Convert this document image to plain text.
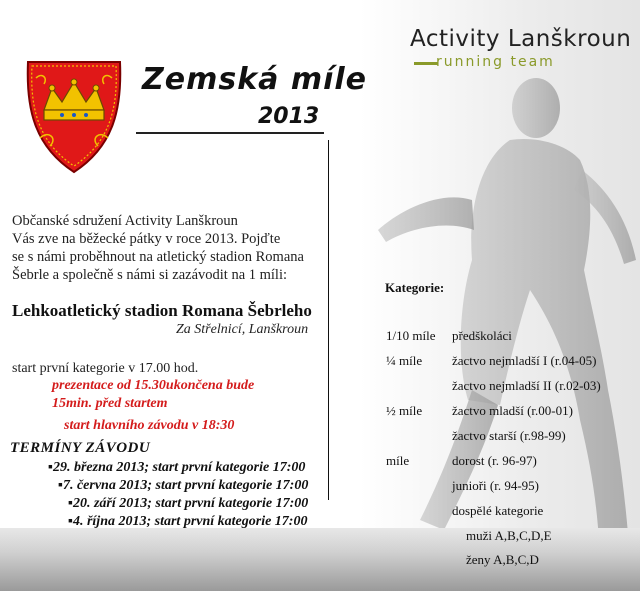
Zemská míle
2013
Activity Lanškroun
running team
Občanské sdružení Activity Lanškroun
Vás zve na běžecké pátky v roce 2013. Pojďte
se s námi proběhnout na atletický stadion Romana
Šebrle a společně s námi si zazávodit na 1 míli:
Lehkoatletický stadion Romana Šebrleho
Za Střelnicí, Lanškroun
start první kategorie v 17.00 hod.
prezentace od 15.30ukončena bude
15min. před startem
start hlavního závodu v 18:30
TERMÍNY ZÁVODU
▪29. března 2013; start první kategorie 17:00
▪7. června 2013; start první kategorie 17:00
▪20. září 2013; start první kategorie 17:00
▪4. října 2013; start první kategorie 17:00
Kategorie:
1/10 míle předškoláci
¼ míle žactvo nejmladší I (r.04-05)
žactvo nejmladší II (r.02-03)
½ míle žactvo mladší (r.00-01)
žactvo starší (r.98-99)
míle	dorost (r. 96-97)
junioři (r. 94-95)
dospělé kategorie
muži A,B,C,D,E
ženy A,B,C,D
